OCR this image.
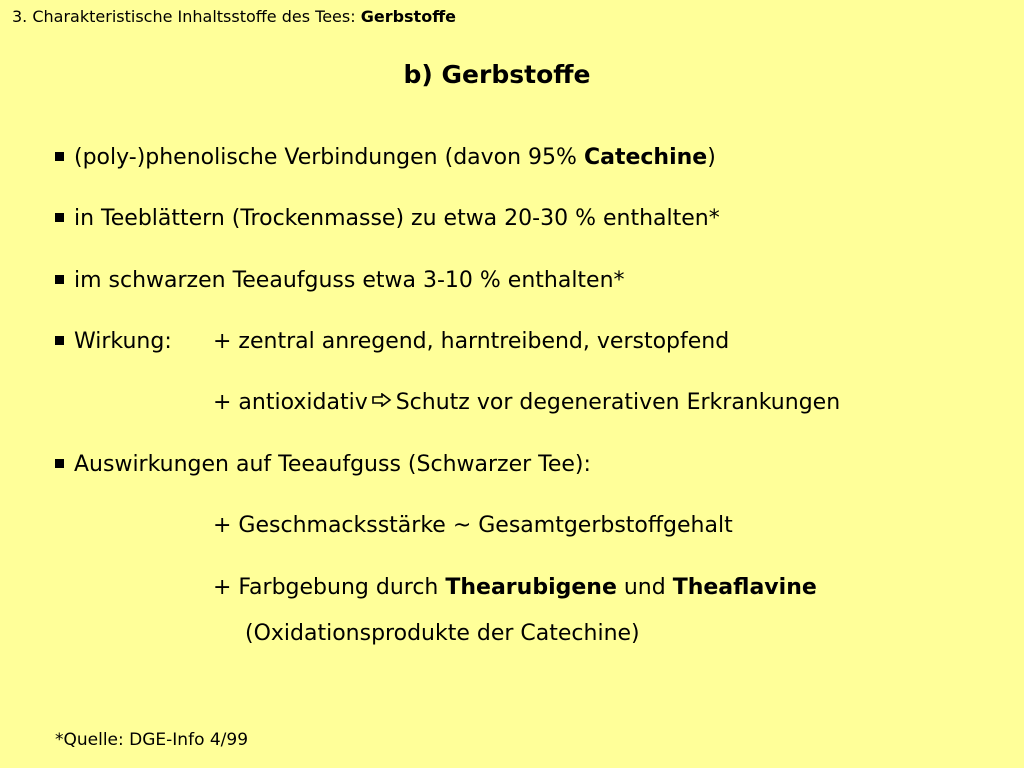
3. Charakteristische Inhaltsstoffe des Tees: Gerbstoffe
b) Gerbstoffe
(poly-)phenolische Verbindungen (davon 95% Catechine)
in Teeblättern (Trockenmasse) zu etwa 20-30 % enthalten*
im schwarzen Teeaufguss etwa 3-10 % enthalten*
Wirkung: + zentral anregend, harntreibend, verstopfend
+ antioxidativ Schutz vor degenerativen Erkrankungen
Auswirkungen auf Teeaufguss (Schwarzer Tee):
+ Geschmacksstärke ~ Gesamtgerbstoffgehalt
+ Farbgebung durch Thearubigene und Theaflavine
(Oxidationsprodukte der Catechine)
*Quelle: DGE-Info 4/99
